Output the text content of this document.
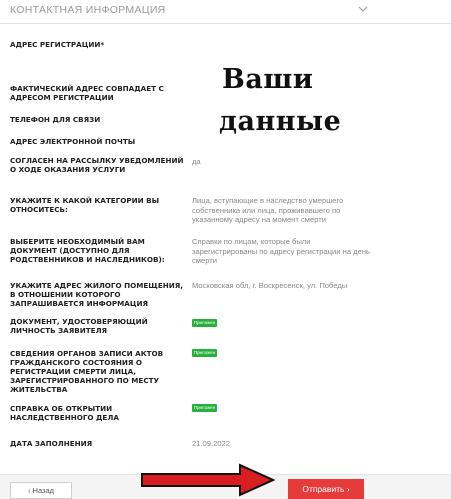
КОНТАКТНАЯ ИНФОРМАЦИЯ
Ваши
данные
АДРЕС РЕГИСТРАЦИИ*
ФАКТИЧЕСКИЙ АДРЕС СОВПАДАЕТ С АДРЕСОМ РЕГИСТРАЦИИ
ТЕЛЕФОН ДЛЯ СВЯЗИ
АДРЕС ЭЛЕКТРОННОЙ ПОЧТЫ
СОГЛАСЕН НА РАССЫЛКУ УВЕДОМЛЕНИЙ О ХОДЕ ОКАЗАНИЯ УСЛУГИ
да
УКАЖИТЕ К КАКОЙ КАТЕГОРИИ ВЫ ОТНОСИТЕСЬ:
Лица, вступающие в наследство умершего собственника или лица, проживавшего по указанному адресу на момент смерти
ВЫБЕРИТЕ НЕОБХОДИМЫЙ ВАМ ДОКУМЕНТ (ДОСТУПНО ДЛЯ РОДСТВЕННИКОВ И НАСЛЕДНИКОВ):
Справки по лицам, которые были зарегистрированы по адресу регистрации на день смерти
УКАЖИТЕ АДРЕС ЖИЛОГО ПОМЕЩЕНИЯ, В ОТНОШЕНИИ КОТОРОГО ЗАПРАШИВАЕТСЯ ИНФОРМАЦИЯ
Московская обл, г. Воскресенск, ул. Победы
ДОКУМЕНТ, УДОСТОВЕРЯЮЩИЙ ЛИЧНОСТЬ ЗАЯВИТЕЛЯ
Приложен
СВЕДЕНИЯ ОРГАНОВ ЗАПИСИ АКТОВ ГРАЖДАНСКОГО СОСТОЯНИЯ О РЕГИСТРАЦИИ СМЕРТИ ЛИЦА, ЗАРЕГИСТРИРОВАННОГО ПО МЕСТУ ЖИТЕЛЬСТВА
Приложен
СПРАВКА ОБ ОТКРЫТИИ НАСЛЕДСТВЕННОГО ДЕЛА
Приложен
ДАТА ЗАПОЛНЕНИЯ	21.09.2022
‹ Назад	Отправить ›
